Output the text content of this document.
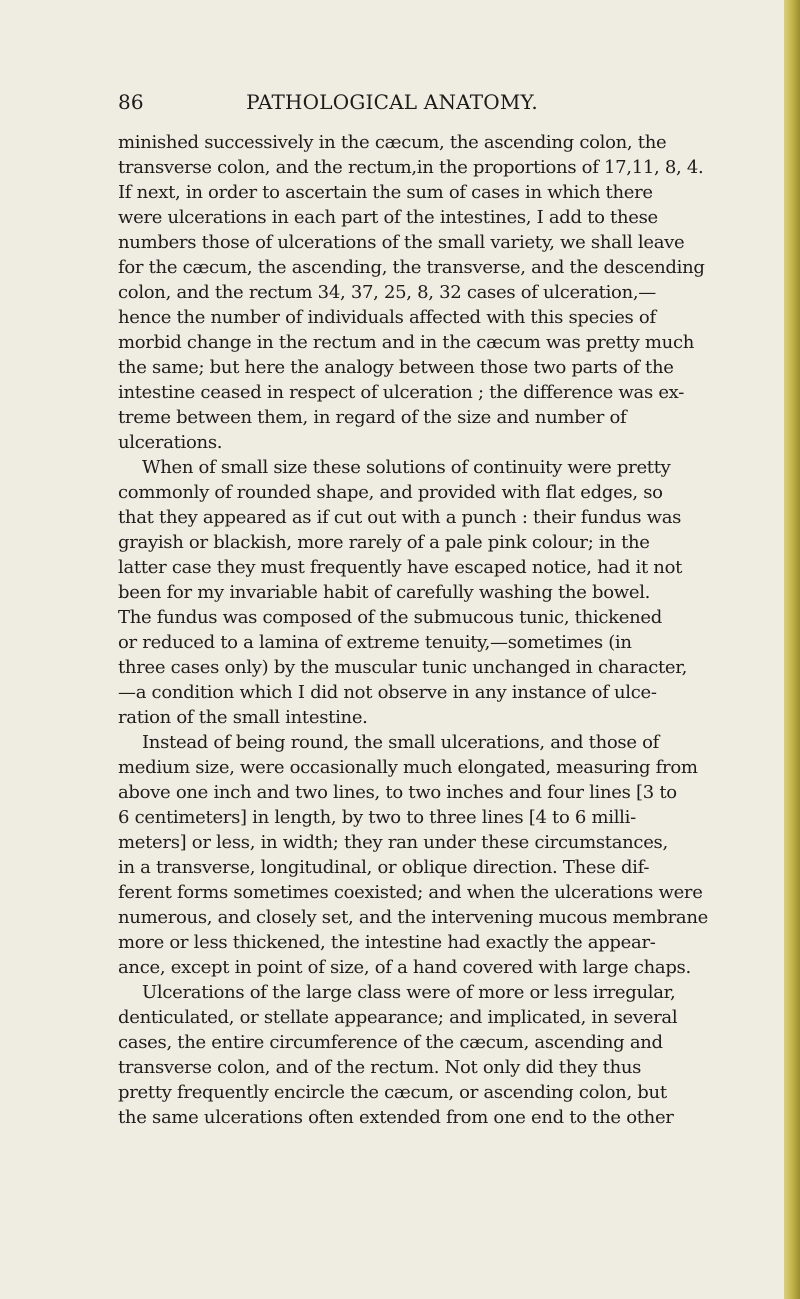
86	PATHOLOGICAL ANATOMY.
minished successively in the cæcum, the ascending colon, the
transverse colon, and the rectum,in the proportions of 17,11, 8, 4.
If next, in order to ascertain the sum of cases in which there
were ulcerations in each part of the intestines, I add to these
numbers those of ulcerations of the small variety, we shall leave
for the cæcum, the ascending, the transverse, and the descending
colon, and the rectum 34, 37, 25, 8, 32 cases of ulceration,—
hence the number of individuals affected with this species of
morbid change in the rectum and in the cæcum was pretty much
the same; but here the analogy between those two parts of the
intestine ceased in respect of ulceration ; the difference was ex-
treme between them, in regard of the size and number of
ulcerations.
When of small size these solutions of continuity were pretty
commonly of rounded shape, and provided with flat edges, so
that they appeared as if cut out with a punch : their fundus was
grayish or blackish, more rarely of a pale pink colour; in the
latter case they must frequently have escaped notice, had it not
been for my invariable habit of carefully washing the bowel.
The fundus was composed of the submucous tunic, thickened
or reduced to a lamina of extreme tenuity,—sometimes (in
three cases only) by the muscular tunic unchanged in character,
—a condition which I did not observe in any instance of ulce-
ration of the small intestine.
Instead of being round, the small ulcerations, and those of
medium size, were occasionally much elongated, measuring from
above one inch and two lines, to two inches and four lines [3 to
6 centimeters] in length, by two to three lines [4 to 6 milli-
meters] or less, in width; they ran under these circumstances,
in a transverse, longitudinal, or oblique direction. These dif-
ferent forms sometimes coexisted; and when the ulcerations were
numerous, and closely set, and the intervening mucous membrane
more or less thickened, the intestine had exactly the appear-
ance, except in point of size, of a hand covered with large chaps.
Ulcerations of the large class were of more or less irregular,
denticulated, or stellate appearance; and implicated, in several
cases, the entire circumference of the cæcum, ascending and
transverse colon, and of the rectum. Not only did they thus
pretty frequently encircle the cæcum, or ascending colon, but
the same ulcerations often extended from one end to the other
